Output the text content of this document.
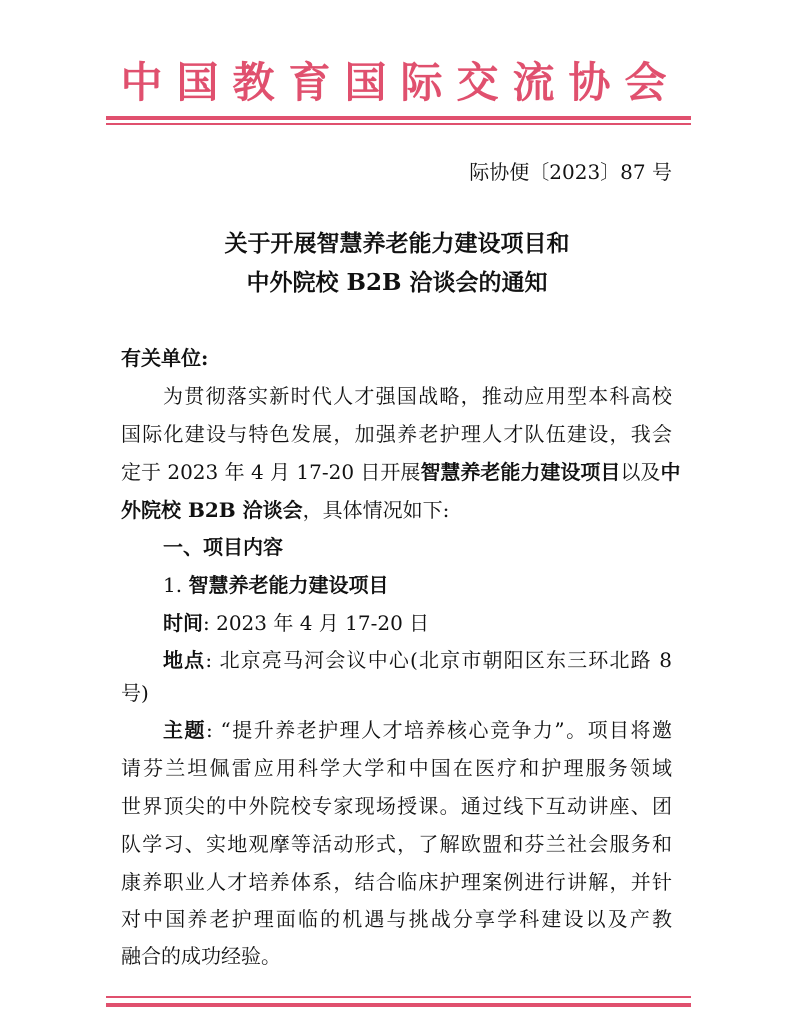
中国教育国际交流协会
际协便〔2023〕87 号
关于开展智慧养老能力建设项目和
中外院校 B2B 洽谈会的通知
有关单位:
为贯彻落实新时代人才强国战略，推动应用型本科高校
国际化建设与特色发展，加强养老护理人才队伍建设，我会
定于 2023 年 4 月 17-20 日开展智慧养老能力建设项目以及中
外院校 B2B 洽谈会，具体情况如下:
一、项目内容
1. 智慧养老能力建设项目
时间: 2023 年 4 月 17-20 日
地点: 北京亮马河会议中心(北京市朝阳区东三环北路 8
号)
主题: “提升养老护理人才培养核心竞争力”。项目将邀
请芬兰坦佩雷应用科学大学和中国在医疗和护理服务领域
世界顶尖的中外院校专家现场授课。通过线下互动讲座、团
队学习、实地观摩等活动形式，了解欧盟和芬兰社会服务和
康养职业人才培养体系，结合临床护理案例进行讲解，并针
对中国养老护理面临的机遇与挑战分享学科建设以及产教
融合的成功经验。
